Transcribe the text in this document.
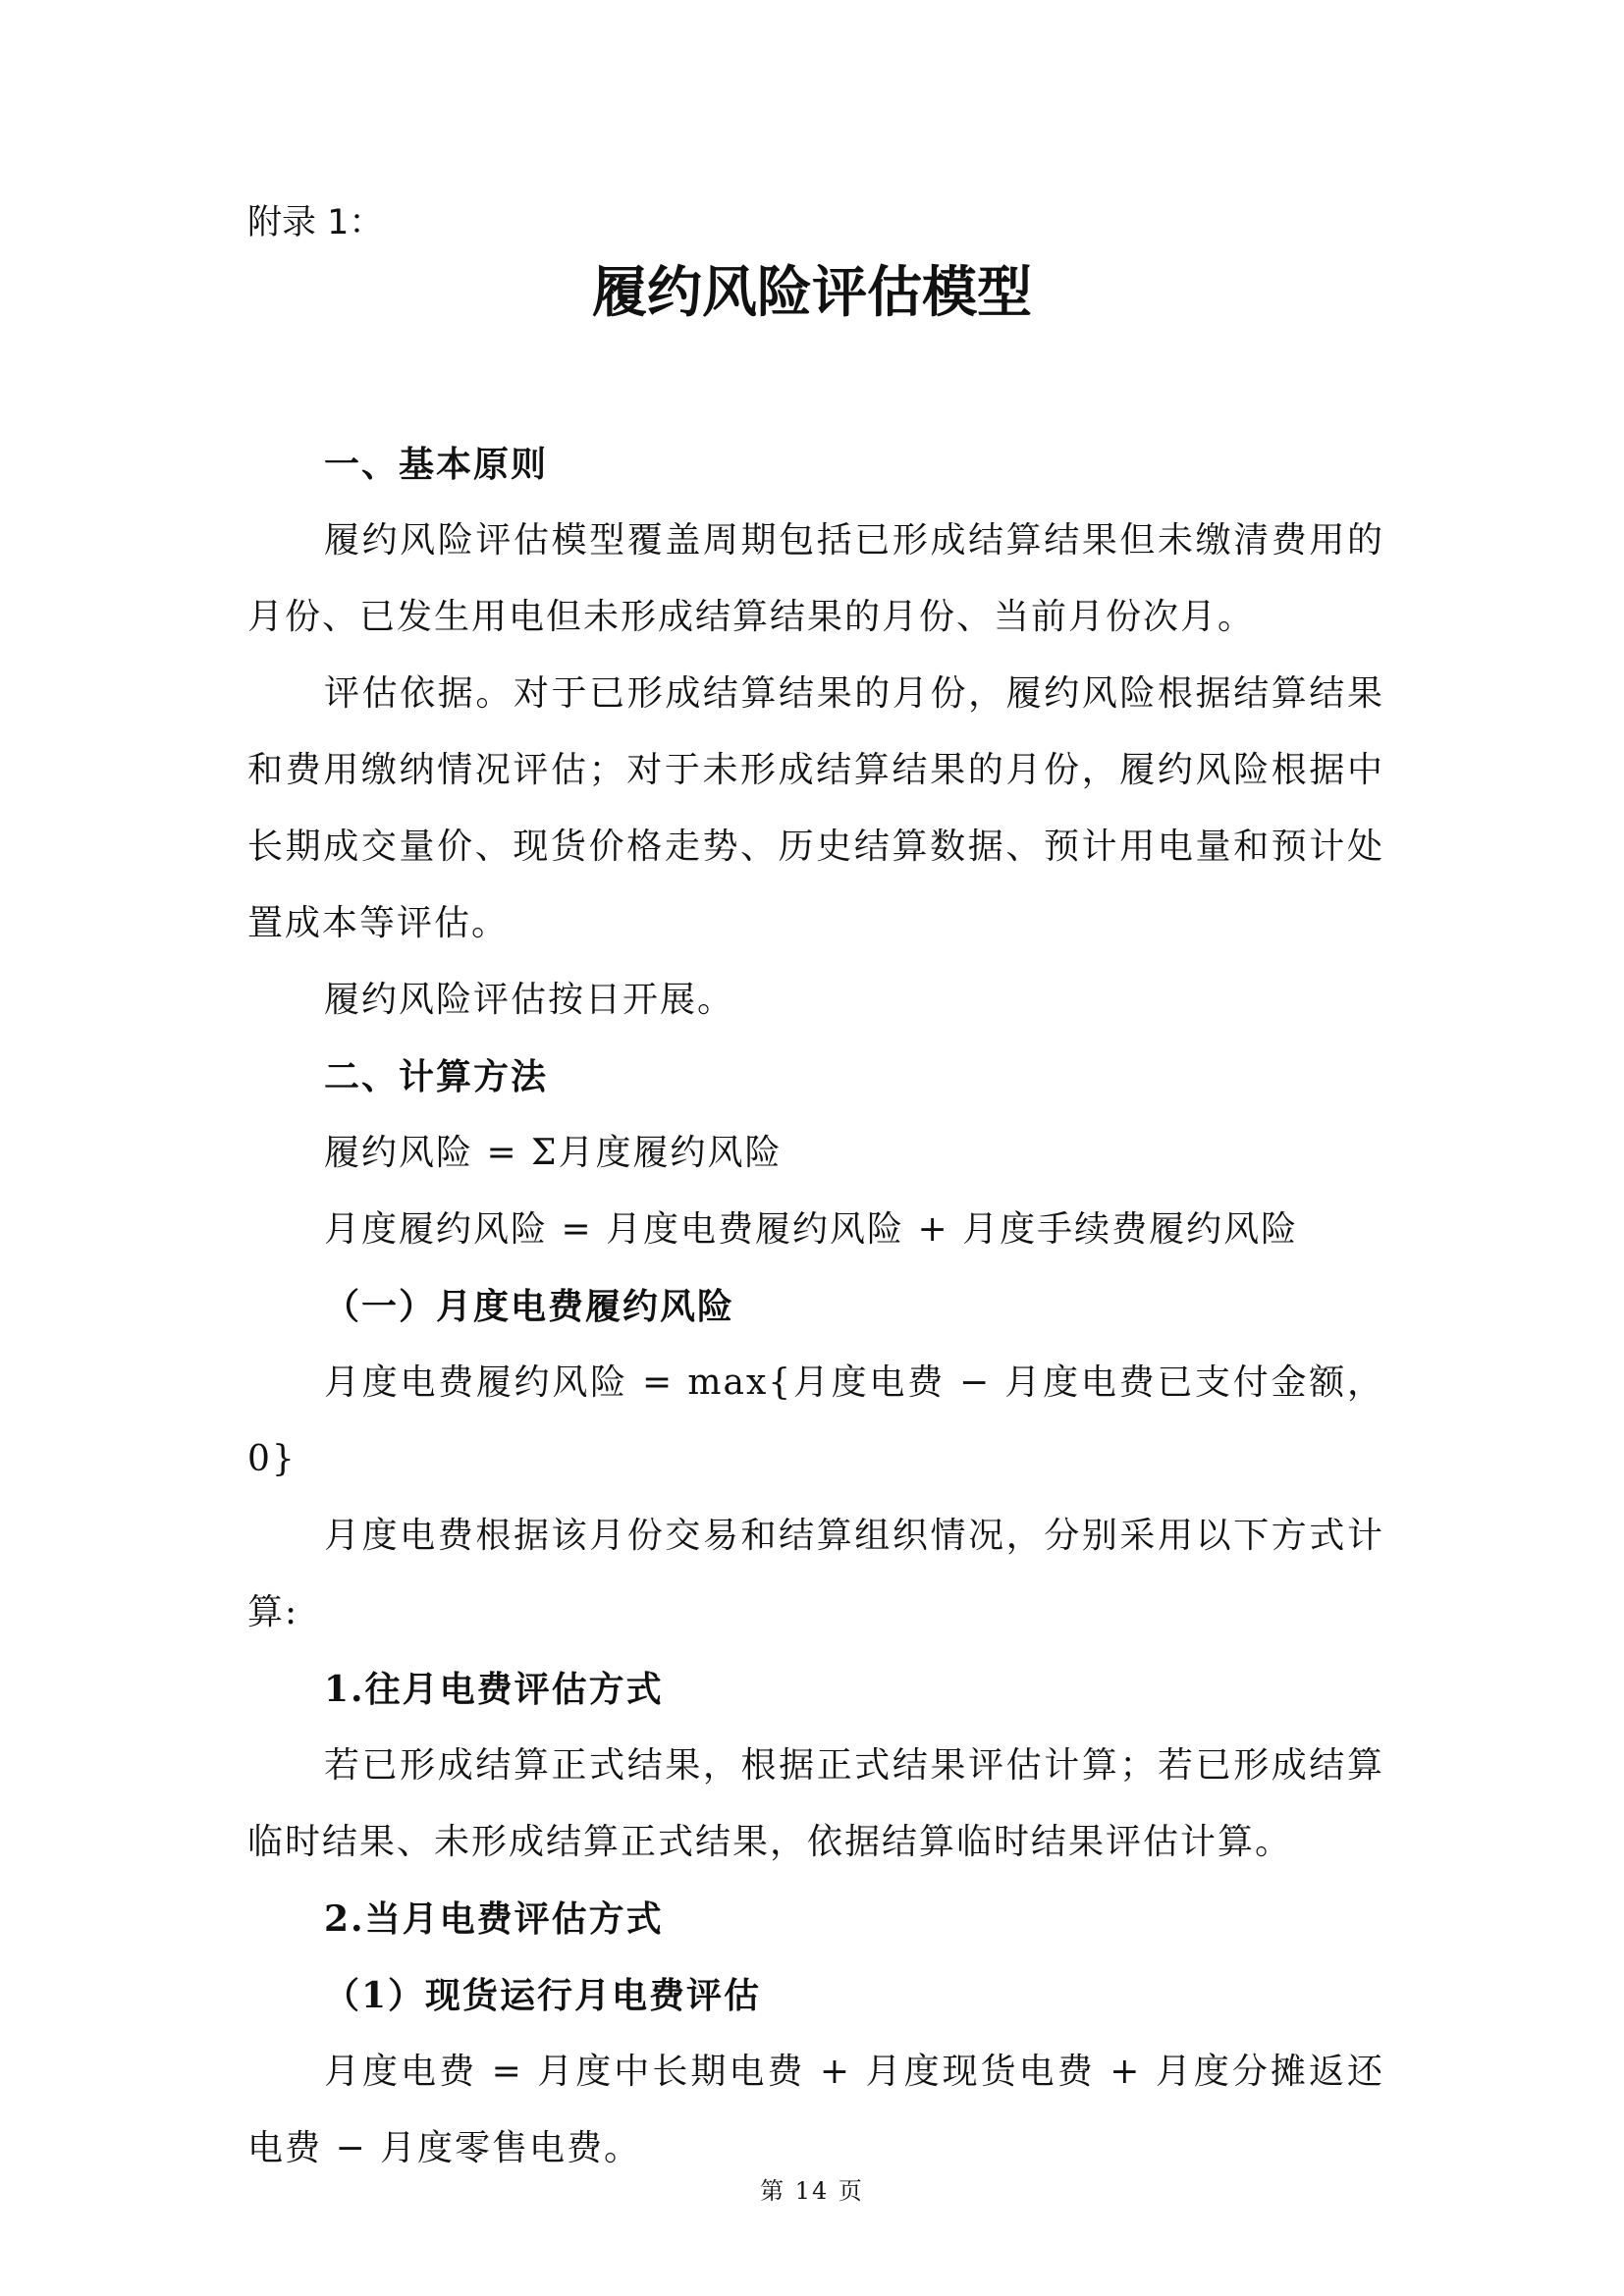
附录 1：

履约风险评估模型

一、基本原则

履约风险评估模型覆盖周期包括已形成结算结果但未缴清费用的月份、已发生用电但未形成结算结果的月份、当前月份次月。

评估依据。对于已形成结算结果的月份，履约风险根据结算结果和费用缴纳情况评估；对于未形成结算结果的月份，履约风险根据中长期成交量价、现货价格走势、历史结算数据、预计用电量和预计处置成本等评估。

履约风险评估按日开展。

二、计算方法

履约风险 = Σ月度履约风险

月度履约风险 = 月度电费履约风险 + 月度手续费履约风险

（一）月度电费履约风险

月度电费履约风险 = max{月度电费 − 月度电费已支付金额，0}

月度电费根据该月份交易和结算组织情况，分别采用以下方式计算:

1.往月电费评估方式

若已形成结算正式结果，根据正式结果评估计算；若已形成结算临时结果、未形成结算正式结果，依据结算临时结果评估计算。

2.当月电费评估方式

（1）现货运行月电费评估

月度电费 = 月度中长期电费 + 月度现货电费 + 月度分摊返还电费 − 月度零售电费。

第 14 页
